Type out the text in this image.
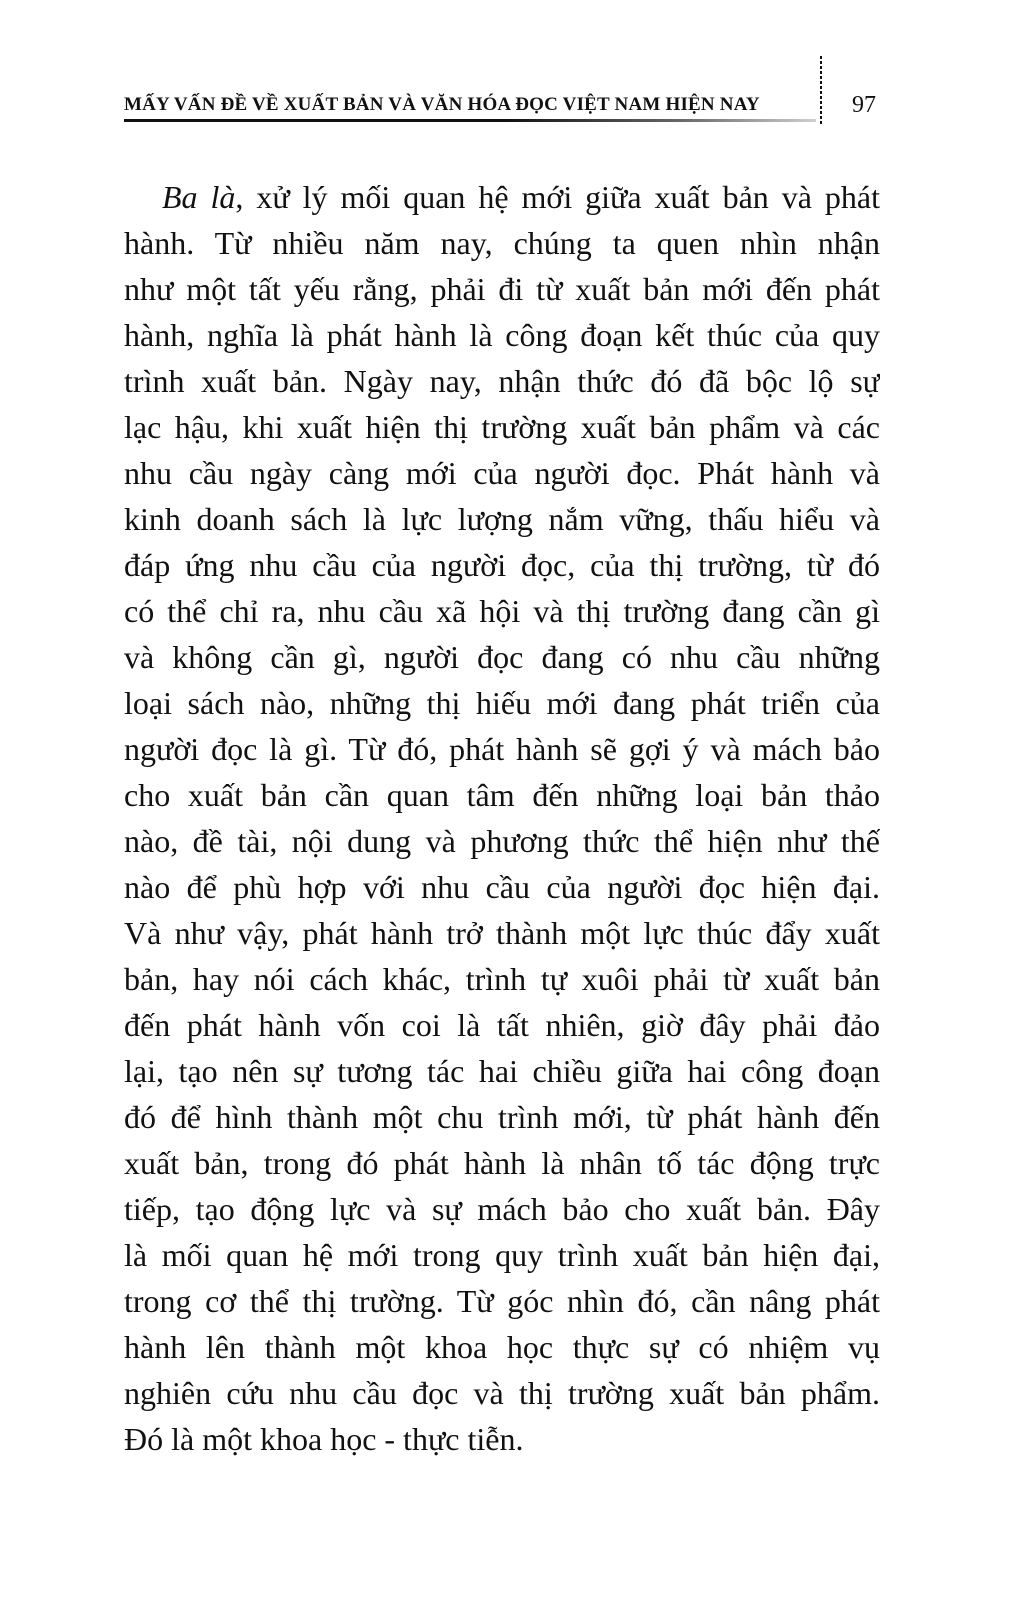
MẤY VẤN ĐỀ VỀ XUẤT BẢN VÀ VĂN HÓA ĐỌC VIỆT NAM HIỆN NAY	97
Ba là, xử lý mối quan hệ mới giữa xuất bản và phát
hành. Từ nhiều năm nay, chúng ta quen nhìn nhận
như một tất yếu rằng, phải đi từ xuất bản mới đến phát
hành, nghĩa là phát hành là công đoạn kết thúc của quy
trình xuất bản. Ngày nay, nhận thức đó đã bộc lộ sự
lạc hậu, khi xuất hiện thị trường xuất bản phẩm và các
nhu cầu ngày càng mới của người đọc. Phát hành và
kinh doanh sách là lực lượng nắm vững, thấu hiểu và
đáp ứng nhu cầu của người đọc, của thị trường, từ đó
có thể chỉ ra, nhu cầu xã hội và thị trường đang cần gì
và không cần gì, người đọc đang có nhu cầu những
loại sách nào, những thị hiếu mới đang phát triển của
người đọc là gì. Từ đó, phát hành sẽ gợi ý và mách bảo
cho xuất bản cần quan tâm đến những loại bản thảo
nào, đề tài, nội dung và phương thức thể hiện như thế
nào để phù hợp với nhu cầu của người đọc hiện đại.
Và như vậy, phát hành trở thành một lực thúc đẩy xuất
bản, hay nói cách khác, trình tự xuôi phải từ xuất bản
đến phát hành vốn coi là tất nhiên, giờ đây phải đảo
lại, tạo nên sự tương tác hai chiều giữa hai công đoạn
đó để hình thành một chu trình mới, từ phát hành đến
xuất bản, trong đó phát hành là nhân tố tác động trực
tiếp, tạo động lực và sự mách bảo cho xuất bản. Đây
là mối quan hệ mới trong quy trình xuất bản hiện đại,
trong cơ thể thị trường. Từ góc nhìn đó, cần nâng phát
hành lên thành một khoa học thực sự có nhiệm vụ
nghiên cứu nhu cầu đọc và thị trường xuất bản phẩm.
Đó là một khoa học - thực tiễn.
